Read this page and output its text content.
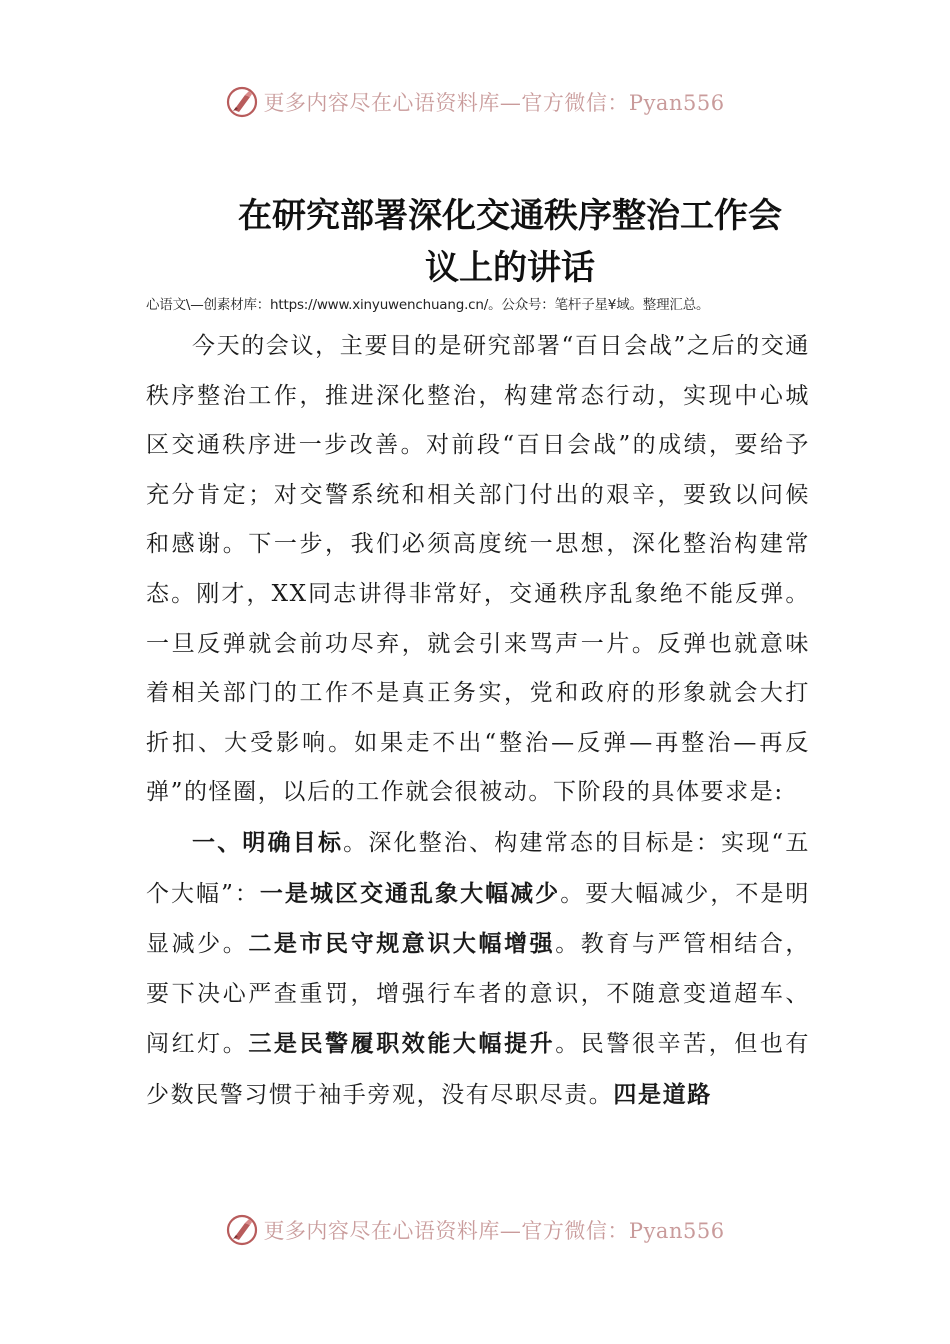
更多内容尽在心语资料库—官方微信：Pyan556
在研究部署深化交通秩序整治工作会
议上的讲话
心语文\—创素材库：https://www.xinyuwenchuang.cn/。公众号：笔杆子星¥域。整理汇总。

今天的会议，主要目的是研究部署“百日会战”之后的交通秩序整治工作，推进深化整治，构建常态行动，实现中心城区交通秩序进一步改善。对前段“百日会战”的成绩，要给予充分肯定；对交警系统和相关部门付出的艰辛，要致以问候和感谢。下一步，我们必须高度统一思想，深化整治构建常态。刚才，XX同志讲得非常好，交通秩序乱象绝不能反弹。一旦反弹就会前功尽弃，就会引来骂声一片。反弹也就意味着相关部门的工作不是真正务实，党和政府的形象就会大打折扣、大受影响。如果走不出“整治—反弹—再整治—再反弹”的怪圈，以后的工作就会很被动。下阶段的具体要求是:

一、明确目标。深化整治、构建常态的目标是：实现“五个大幅”：一是城区交通乱象大幅减少。要大幅减少，不是明显减少。二是市民守规意识大幅增强。教育与严管相结合，要下决心严查重罚，增强行车者的意识，不随意变道超车、闯红灯。三是民警履职效能大幅提升。民警很辛苦，但也有少数民警习惯于袖手旁观，没有尽职尽责。四是道路

更多内容尽在心语资料库—官方微信：Pyan556
